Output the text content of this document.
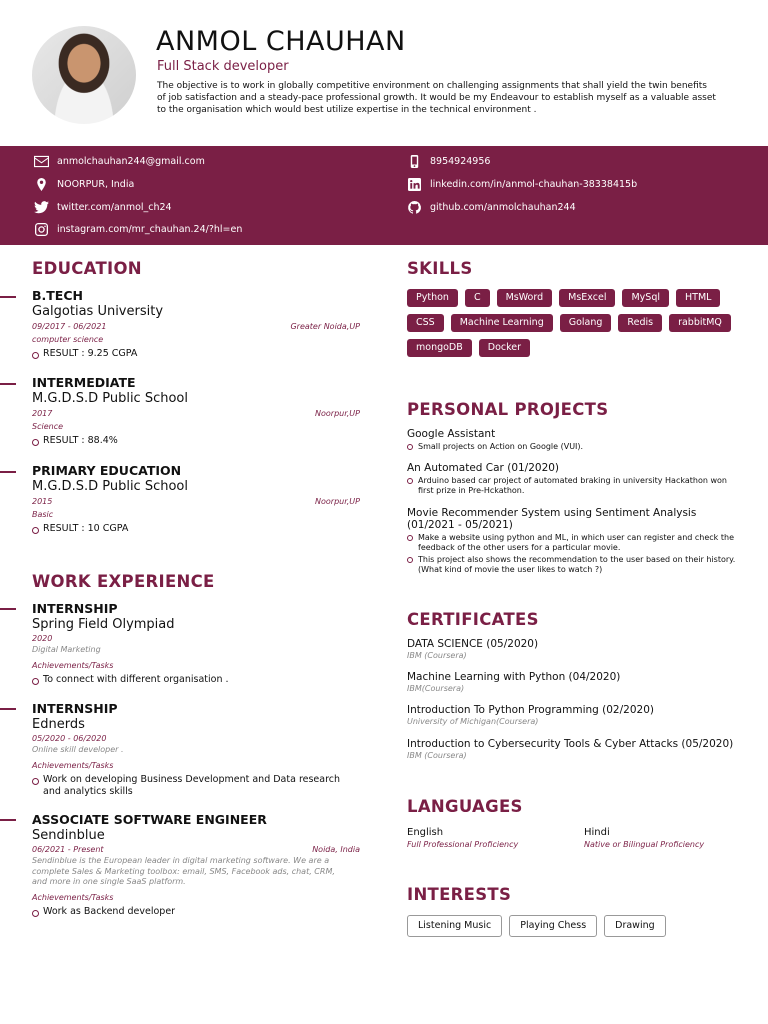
ANMOL CHAUHAN
Full Stack developer
The objective is to work in globally competitive environment on challenging assignments that shall yield the twin benefits of job satisfaction and a steady-pace professional growth. It would be my Endeavour to establish myself as a valuable asset to the organisation which would best utilize expertise in the technical environment .
anmolchauhan244@gmail.com	8954924956
NOORPUR, India	linkedin.com/in/anmol-chauhan-38338415b
twitter.com/anmol_ch24	github.com/anmolchauhan244
instagram.com/mr_chauhan.24/?hl=en
EDUCATION
B.TECH
Galgotias University
09/2017 - 06/2021	Greater Noida,UP
computer science
RESULT : 9.25 CGPA
INTERMEDIATE
M.G.D.S.D Public School
2017	Noorpur,UP
Science
RESULT : 88.4%
PRIMARY EDUCATION
M.G.D.S.D Public School
2015	Noorpur,UP
Basic
RESULT : 10 CGPA
WORK EXPERIENCE
INTERNSHIP
Spring Field Olympiad
2020
Digital Marketing
Achievements/Tasks
To connect with different organisation .
INTERNSHIP
Ednerds
05/2020 - 06/2020
Online skill developer .
Achievements/Tasks
Work on developing Business Development and Data research and analytics skills
ASSOCIATE SOFTWARE ENGINEER
Sendinblue
06/2021 - Present	Noida, India
Sendinblue is the European leader in digital marketing software. We are a complete Sales & Marketing toolbox: email, SMS, Facebook ads, chat, CRM, and more in one single SaaS platform.
Achievements/Tasks
Work as Backend developer
SKILLS
Python	C	MsWord	MsExcel	MySql	HTML
CSS	Machine Learning	Golang	Redis	rabbitMQ
mongoDB	Docker
PERSONAL PROJECTS
Google Assistant
Small projects on Action on Google (VUI).
An Automated Car (01/2020)
Arduino based car project of automated braking in university Hackathon won first prize in Pre-Hckathon.
Movie Recommender System using Sentiment Analysis (01/2021 - 05/2021)
Make a website using python and ML, in which user can register and check the feedback of the other users for a particular movie.
This project also shows the recommendation to the user based on their history. (What kind of movie the user likes to watch ?)
CERTIFICATES
DATA SCIENCE (05/2020)
IBM (Coursera)
Machine Learning with Python (04/2020)
IBM(Coursera)
Introduction To Python Programming (02/2020)
University of Michigan(Coursera)
Introduction to Cybersecurity Tools & Cyber Attacks (05/2020)
IBM (Coursera)
LANGUAGES
English
Full Professional Proficiency
Hindi
Native or Bilingual Proficiency
INTERESTS
Listening Music	Playing Chess	Drawing
